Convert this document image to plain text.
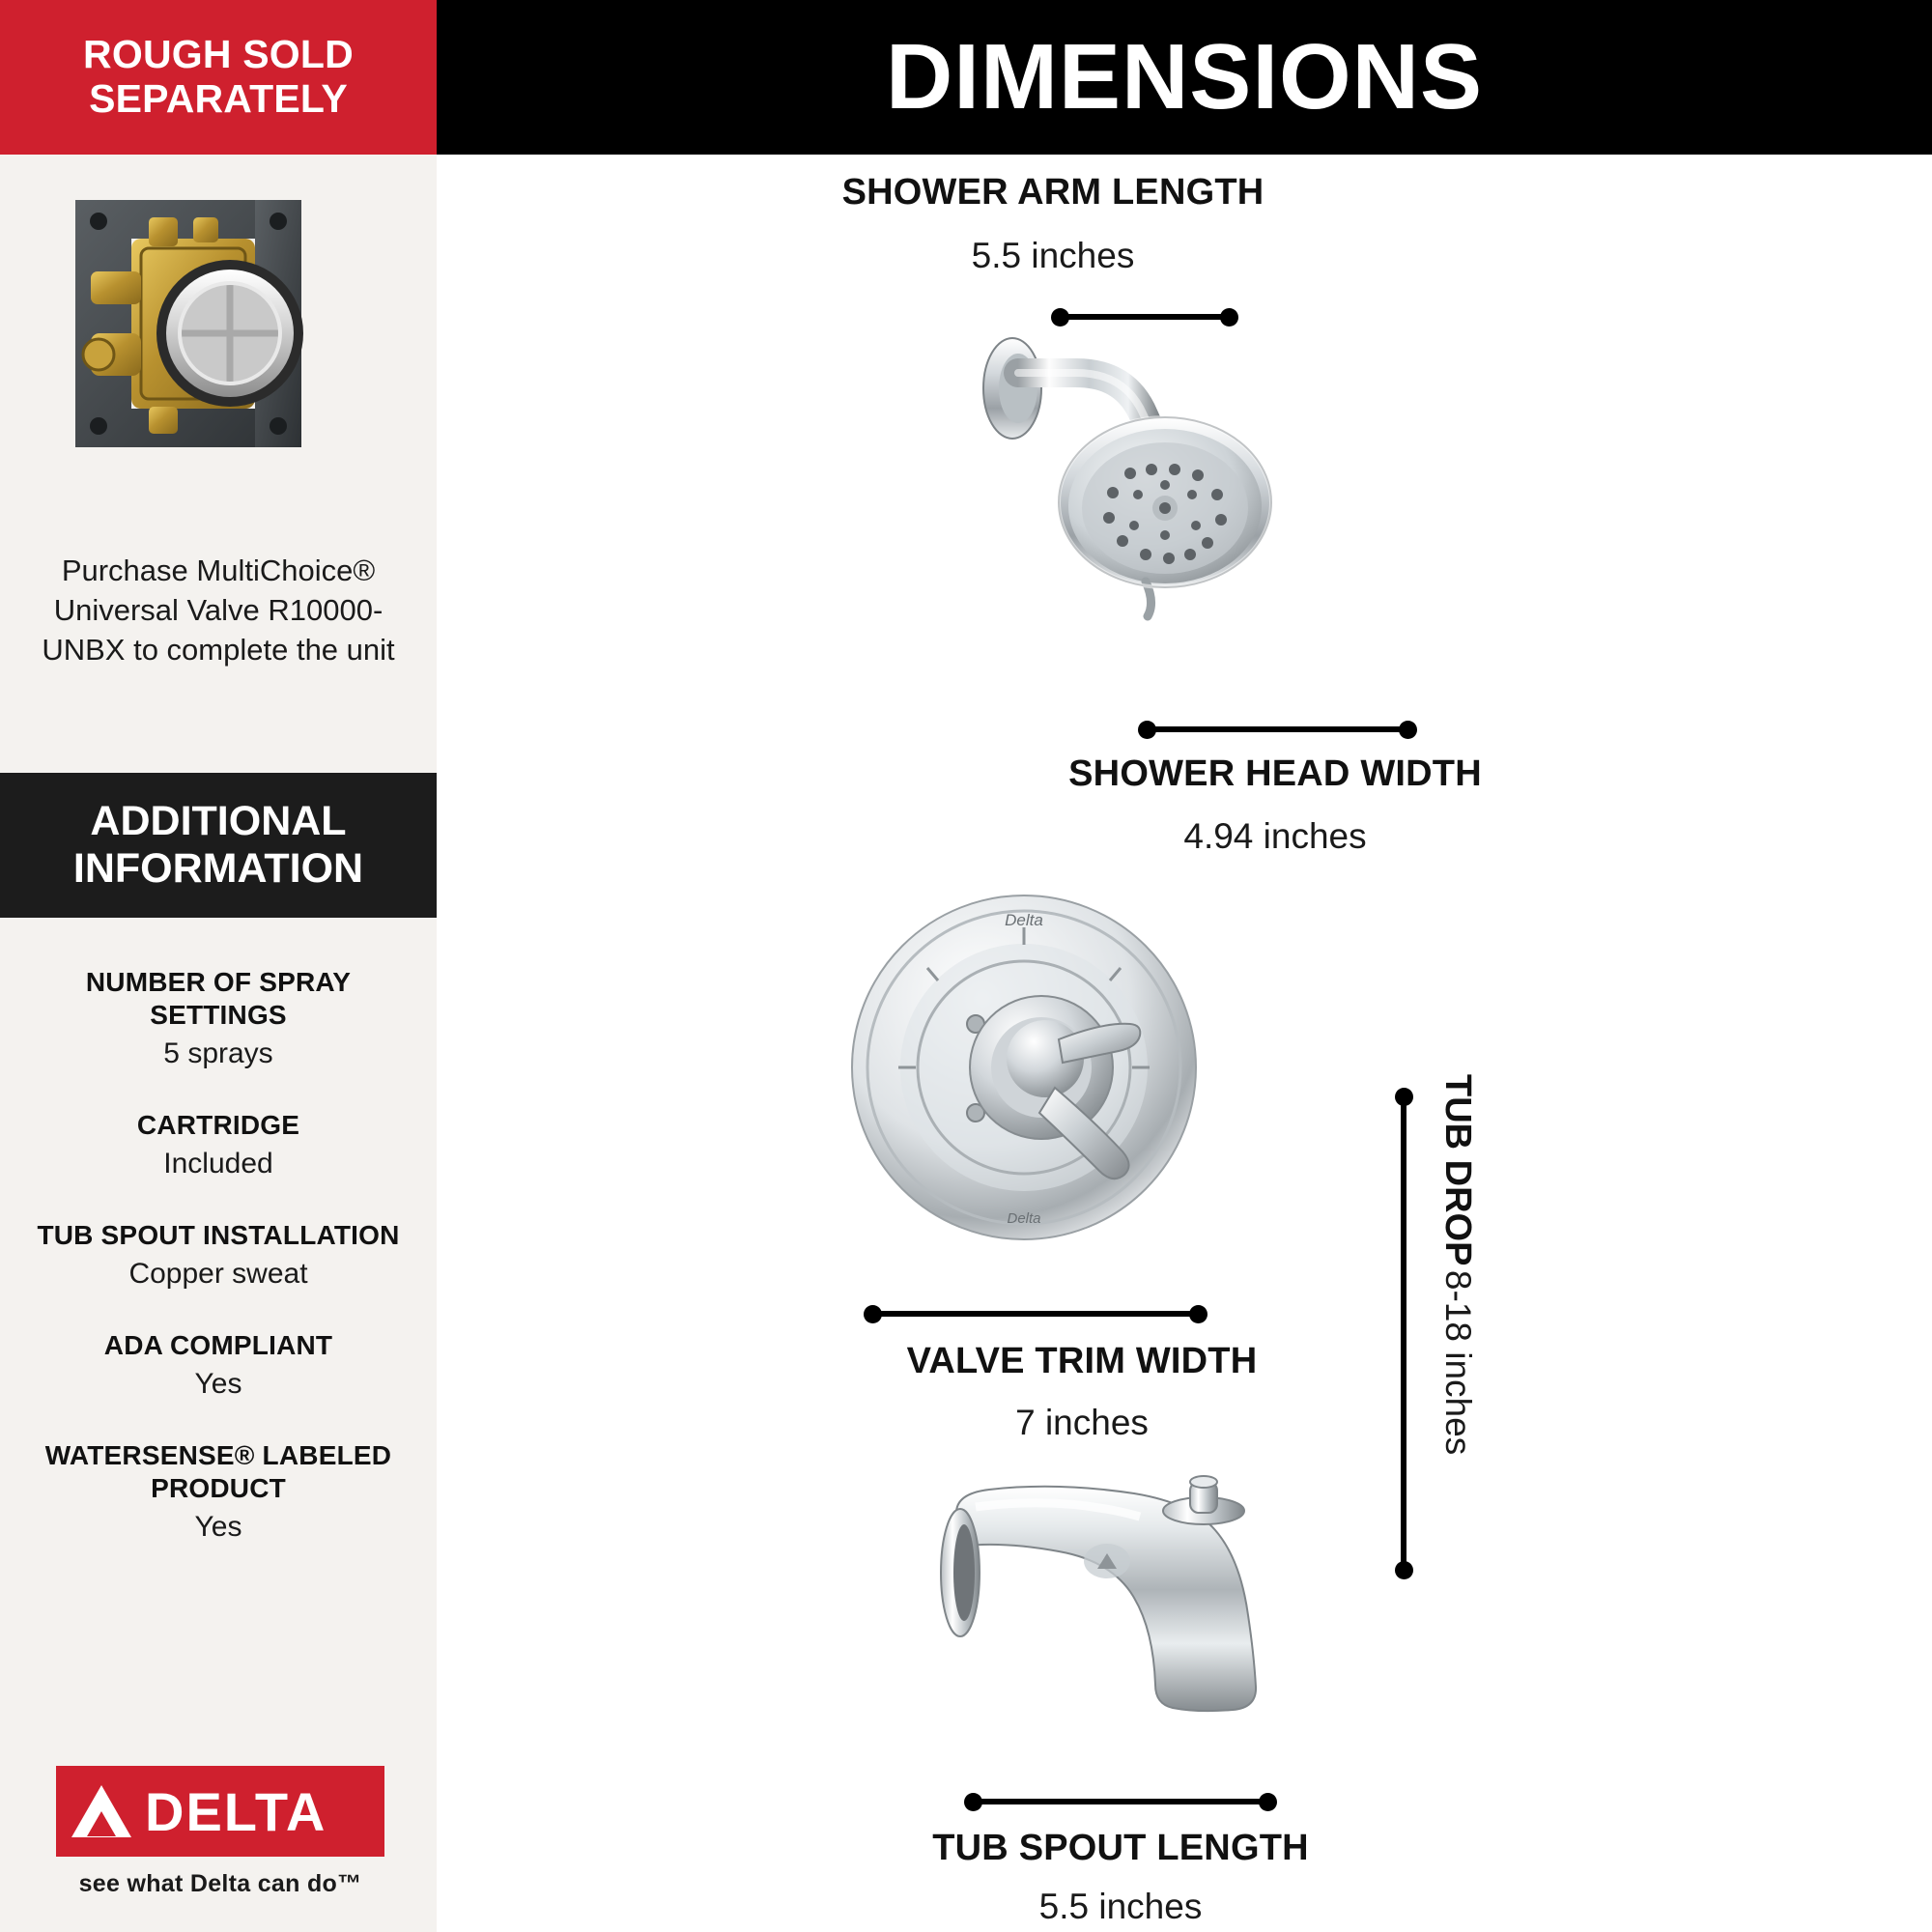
ROUGH SOLD SEPARATELY
Purchase MultiChoice® Universal Valve R10000-UNBX to complete the unit
ADDITIONAL INFORMATION
NUMBER OF SPRAY SETTINGS
5 sprays
CARTRIDGE
Included
TUB SPOUT INSTALLATION
Copper sweat
ADA COMPLIANT
Yes
WATERSENSE® LABELED PRODUCT
Yes
DELTA
see what Delta can do™
DIMENSIONS
SHOWER ARM LENGTH
5.5 inches
SHOWER HEAD WIDTH
4.94 inches
Delta
Delta
VALVE TRIM WIDTH
7 inches
TUB DROP 8-18 inches
TUB SPOUT LENGTH
5.5 inches
